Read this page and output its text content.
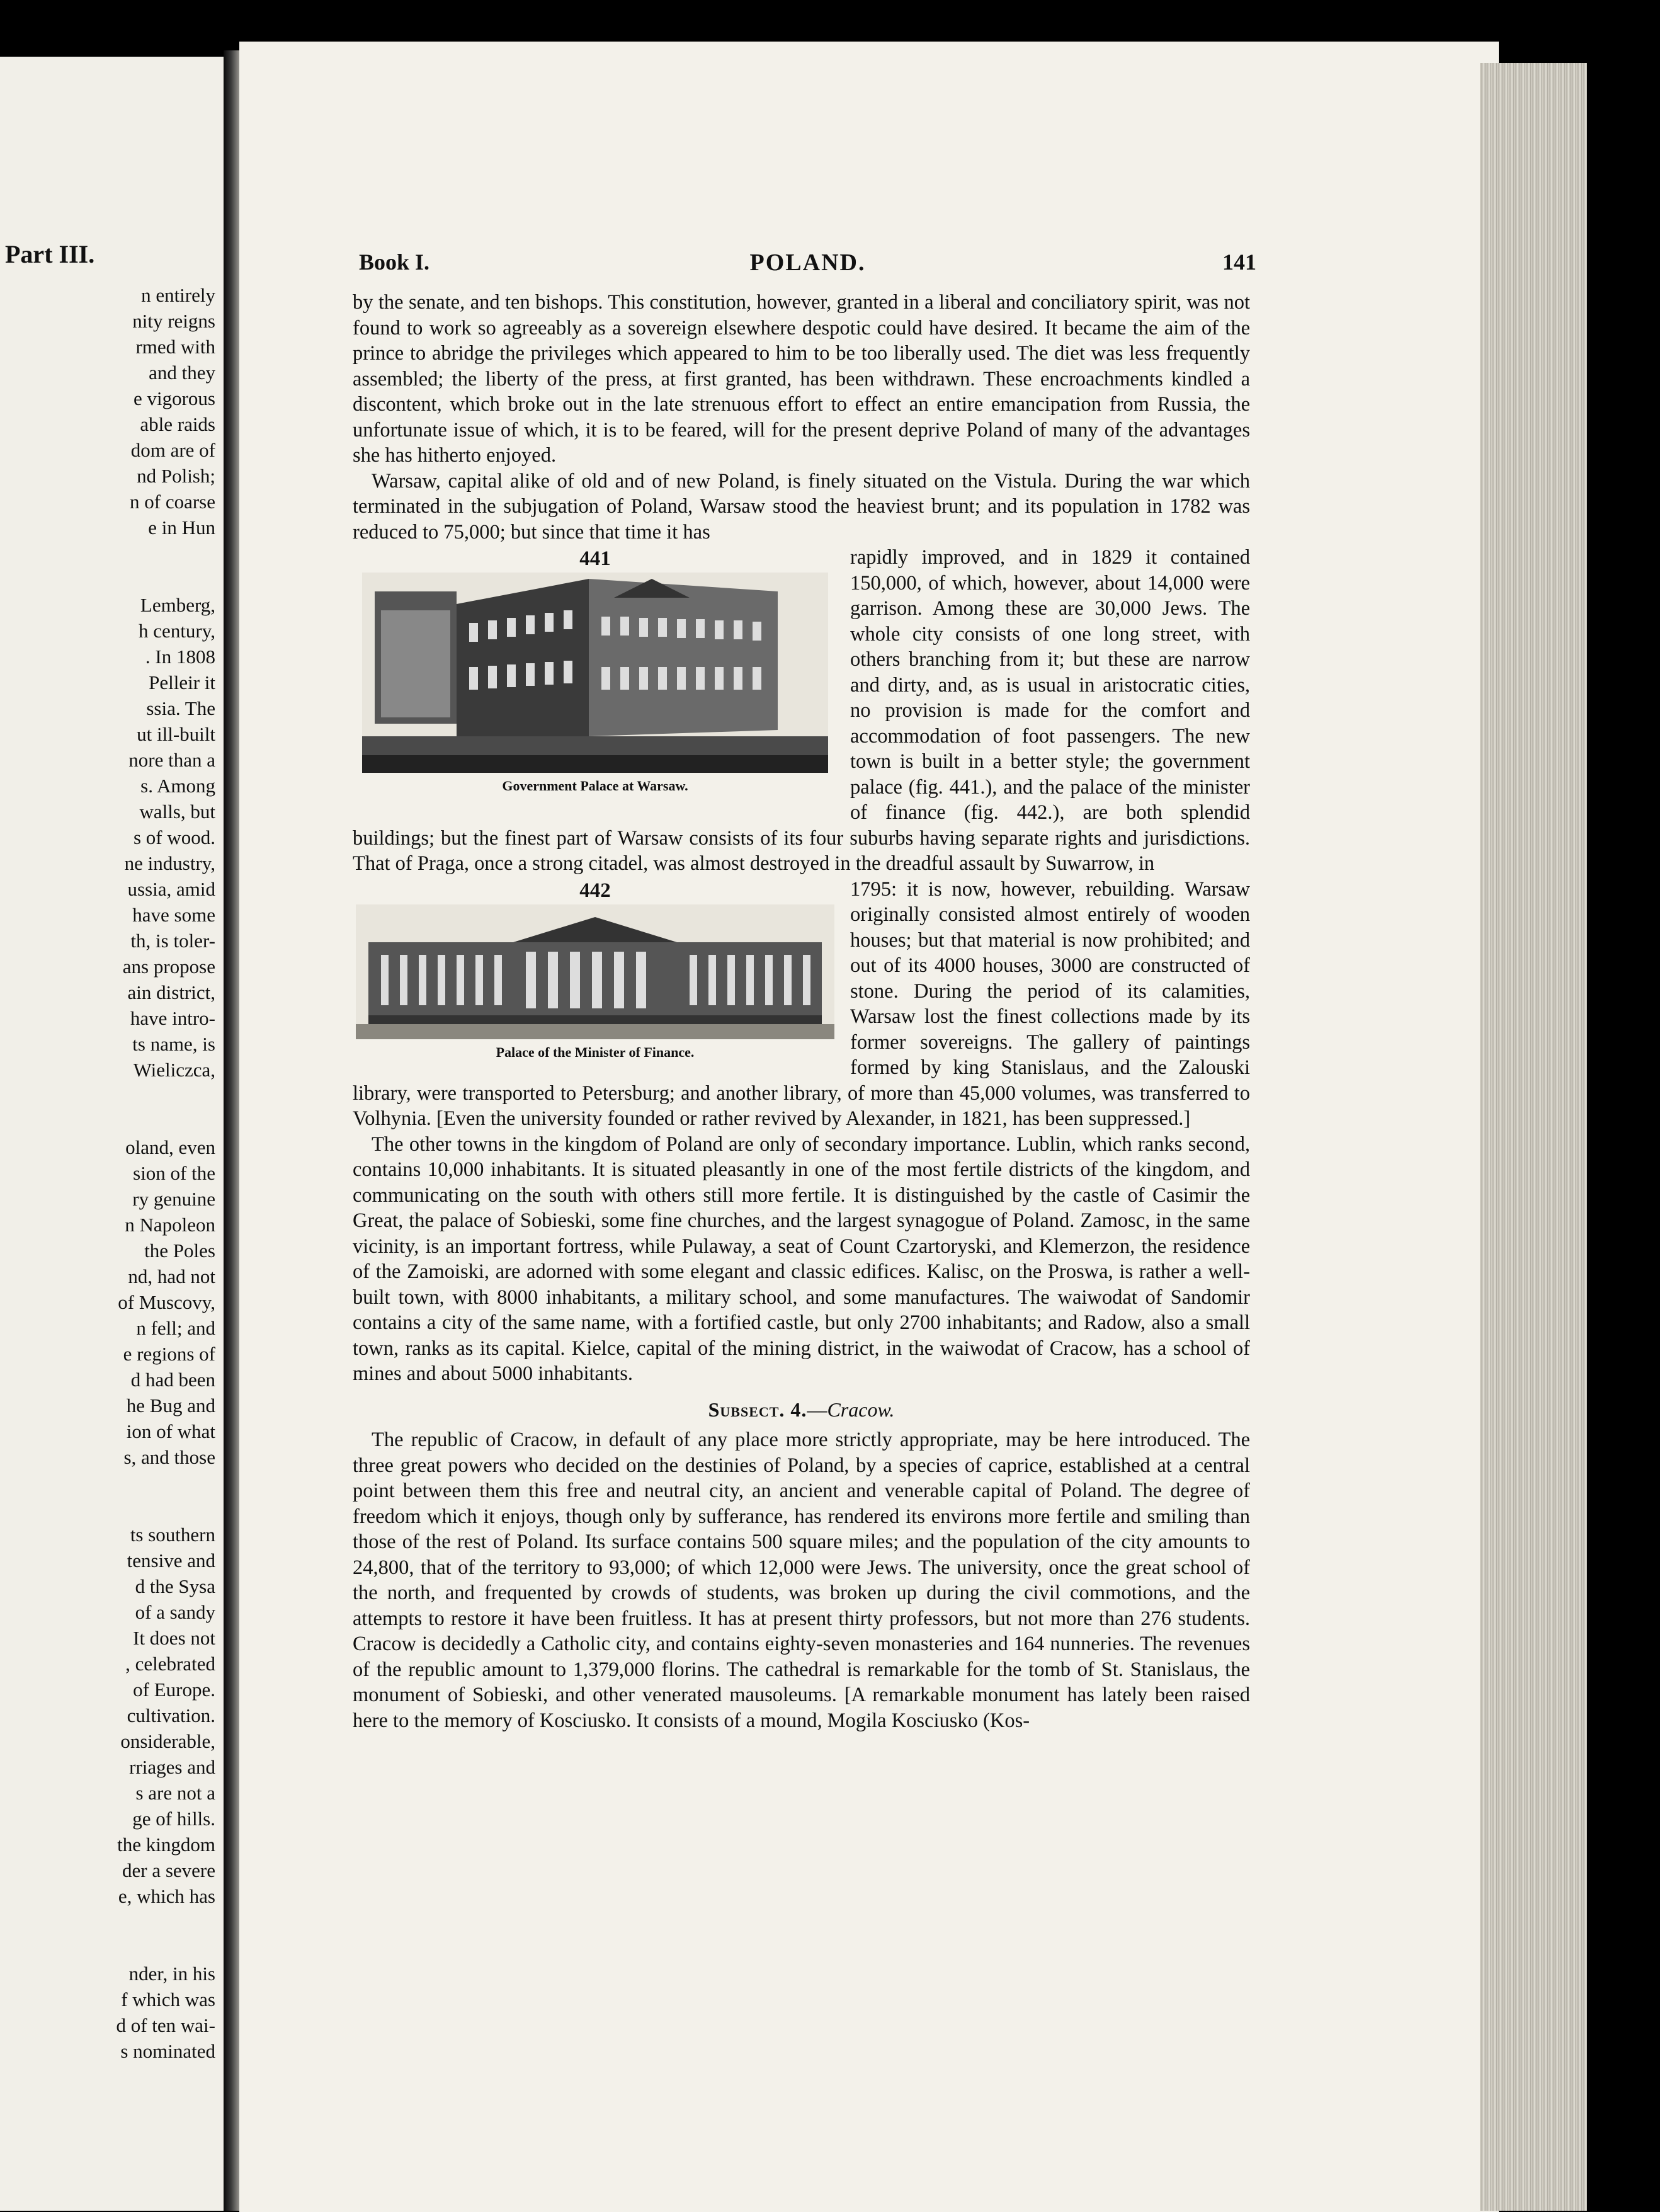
Part III.
n entirely
nity reigns
rmed with
and they
e vigorous
able raids
dom are of
nd Polish;
n of coarse
e in Hun
Lemberg,
h century,
. In 1808
Pelleir it
ssia. The
ut ill-built
nore than a
s. Among
walls, but
s of wood.
ne industry,
ussia, amid
have some
th, is toler-
ans propose
ain district,
have intro-
ts name, is
Wieliczca,
oland, even
sion of the
ry genuine
n Napoleon
the Poles
nd, had not
of Muscovy,
n fell; and
e regions of
d had been
he Bug and
ion of what
s, and those
ts southern
tensive and
d the Sysa
of a sandy
It does not
, celebrated
of Europe.
cultivation.
onsiderable,
rriages and
s are not a
ge of hills.
the kingdom
der a severe
e, which has
nder, in his
f which was
d of ten wai-
s nominated
Book I.	POLAND.	141

by the senate, and ten bishops. This constitution, however, granted in a liberal and conciliatory spirit, was not found to work so agreeably as a sovereign elsewhere despotic could have desired. It became the aim of the prince to abridge the privileges which appeared to him to be too liberally used. The diet was less frequently assembled; the liberty of the press, at first granted, has been withdrawn. These encroachments kindled a discontent, which broke out in the late strenuous effort to effect an entire emancipation from Russia, the unfortunate issue of which, it is to be feared, will for the present deprive Poland of many of the advantages she has hitherto enjoyed.

Warsaw, capital alike of old and of new Poland, is finely situated on the Vistula. During the war which terminated in the subjugation of Poland, Warsaw stood the heaviest brunt; and its population in 1782 was reduced to 75,000; but since that time it has

441
Government Palace at Warsaw.

rapidly improved, and in 1829 it contained 150,000, of which, however, about 14,000 were garrison. Among these are 30,000 Jews. The whole city consists of one long street, with others branching from it; but these are narrow and dirty, and, as is usual in aristocratic cities, no provision is made for the comfort and accommodation of foot passengers. The new town is built in a better style; the government palace (fig. 441.), and the palace of the minister of finance (fig. 442.), are both splendid buildings; but the finest part of Warsaw consists of its four suburbs having separate rights and jurisdictions. That of Praga, once a strong citadel, was almost destroyed in the dreadful assault by Suwarrow, in

442
Palace of the Minister of Finance.

1795: it is now, however, rebuilding. Warsaw originally consisted almost entirely of wooden houses; but that material is now prohibited; and out of its 4000 houses, 3000 are constructed of stone. During the period of its calamities, Warsaw lost the finest collections made by its former sovereigns. The gallery of paintings formed by king Stanislaus, and the Zalouski library, were transported to Petersburg; and another library, of more than 45,000 volumes, was transferred to Volhynia. [Even the university founded or rather revived by Alexander, in 1821, has been suppressed.]

The other towns in the kingdom of Poland are only of secondary importance. Lublin, which ranks second, contains 10,000 inhabitants. It is situated pleasantly in one of the most fertile districts of the kingdom, and communicating on the south with others still more fertile. It is distinguished by the castle of Casimir the Great, the palace of Sobieski, some fine churches, and the largest synagogue of Poland. Zamosc, in the same vicinity, is an important fortress, while Pulaway, a seat of Count Czartoryski, and Klemerzon, the residence of the Zamoiski, are adorned with some elegant and classic edifices. Kalisc, on the Proswa, is rather a well-built town, with 8000 inhabitants, a military school, and some manufactures. The waiwodat of Sandomir contains a city of the same name, with a fortified castle, but only 2700 inhabitants; and Radow, also a small town, ranks as its capital. Kielce, capital of the mining district, in the waiwodat of Cracow, has a school of mines and about 5000 inhabitants.

Subsect. 4.—Cracow.

The republic of Cracow, in default of any place more strictly appropriate, may be here introduced. The three great powers who decided on the destinies of Poland, by a species of caprice, established at a central point between them this free and neutral city, an ancient and venerable capital of Poland. The degree of freedom which it enjoys, though only by sufferance, has rendered its environs more fertile and smiling than those of the rest of Poland. Its surface contains 500 square miles; and the population of the city amounts to 24,800, that of the territory to 93,000; of which 12,000 were Jews. The university, once the great school of the north, and frequented by crowds of students, was broken up during the civil commotions, and the attempts to restore it have been fruitless. It has at present thirty professors, but not more than 276 students. Cracow is decidedly a Catholic city, and contains eighty-seven monasteries and 164 nunneries. The revenues of the republic amount to 1,379,000 florins. The cathedral is remarkable for the tomb of St. Stanislaus, the monument of Sobieski, and other venerated mausoleums. [A remarkable monument has lately been raised here to the memory of Kosciusko. It consists of a mound, Mogila Kosciusko (Kos-
